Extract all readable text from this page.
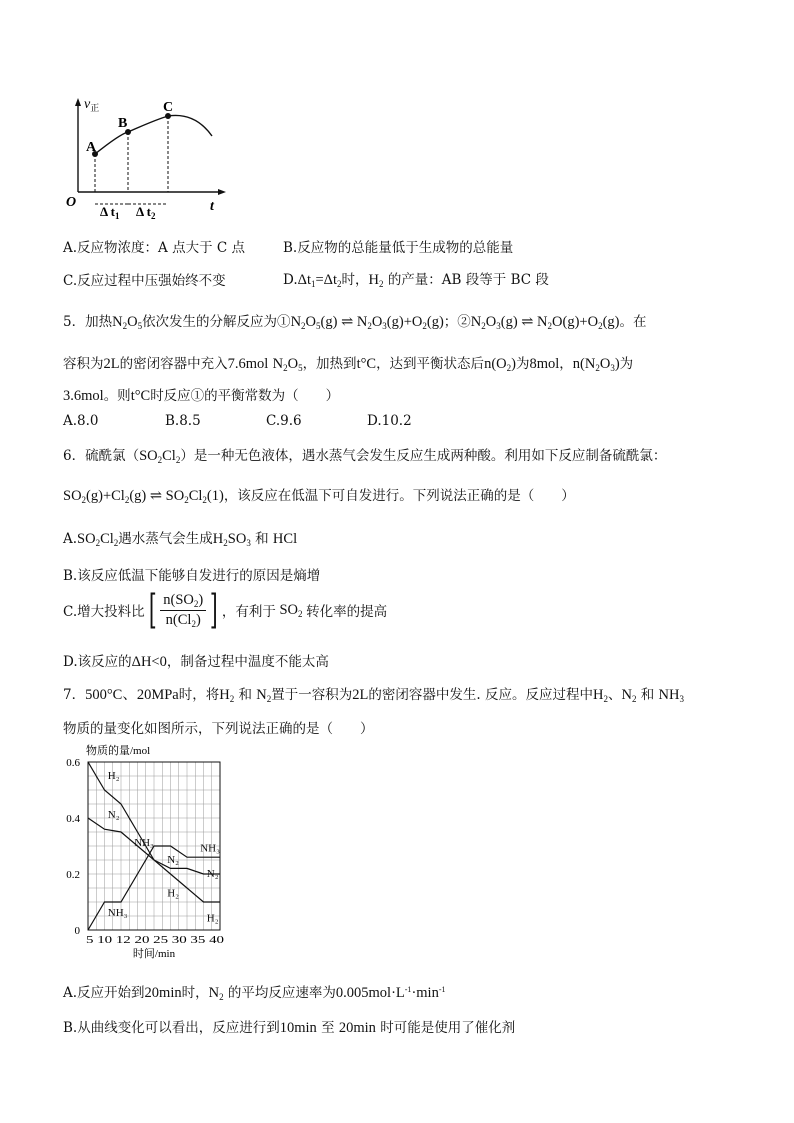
$v_正$
O	t
A
B
C
Δ $t_1$ Δ $t_2$
A.反应物浓度：A 点大于 C 点	B.反应物的总能量低于生成物的总能量
C.反应过程中压强始终不变	$D.\Delta t_1=\Delta t_2$时，$H_2$ 的产量：AB 段等于 BC 段
5．加热$N_2O_5$依次发生的分解反应为$①N_2O_5(g)$ ⇌ $N_2O_3(g)+O_2(g)$；$②N_2O_3(g)$ ⇌ $N_2O(g)+O_2(g)$。在
容积为2L的密闭容器中充入7.6mol $N_2O_5$，加热到t°C，达到平衡状态后$n(O_2)$为8mol，$n(N_2O_3)$为
3.6mol。则t°C时反应①的平衡常数为（　　）
A.8.0	B.8.5	C.9.6	D.10.2
6．硫酰氯$(SO_2Cl_2)$是一种无色液体，遇水蒸气会发生反应生成两种酸。利用如下反应制备硫酰氯：
$SO_2(g)+Cl_2(g)$ ⇌ $SO_2Cl_2(1)$，该反应在低温下可自发进行。下列说法正确的是（　　）
$A.SO_2Cl_2$遇水蒸气会生成$H_2SO_3$ 和 HCl
B.该反应低温下能够自发进行的原因是熵增
C.增大投料比 [ $\frac{n(SO_2)}{n(Cl_2)}$ ] ，有利于 $SO_2$ 转化率的提高
D.该反应的ΔH<0，制备过程中温度不能太高
7．500°C、20MPa时，将$H_2$ 和 $N_2$置于一容积为2L的密闭容器中发生. 反应。反应过程中$H_2$、$N_2$ 和 $NH_3$
物质的量变化如图所示，下列说法正确的是（　　）
0
0.2
0.4
0.6
物质的量/mol
5 10 12 20 25 30 35 40
时间/min
H₂
N₂
NH₃
NH₃
N₂
H₂
NH₃
N₂
H₂
A.反应开始到20min时，$N_2$ 的平均反应速率为$0.005mol\cdot L^{-1}\cdot\min^{-1}$
B.从曲线变化可以看出，反应进行到10min 至 20min 时可能是使用了催化剂
